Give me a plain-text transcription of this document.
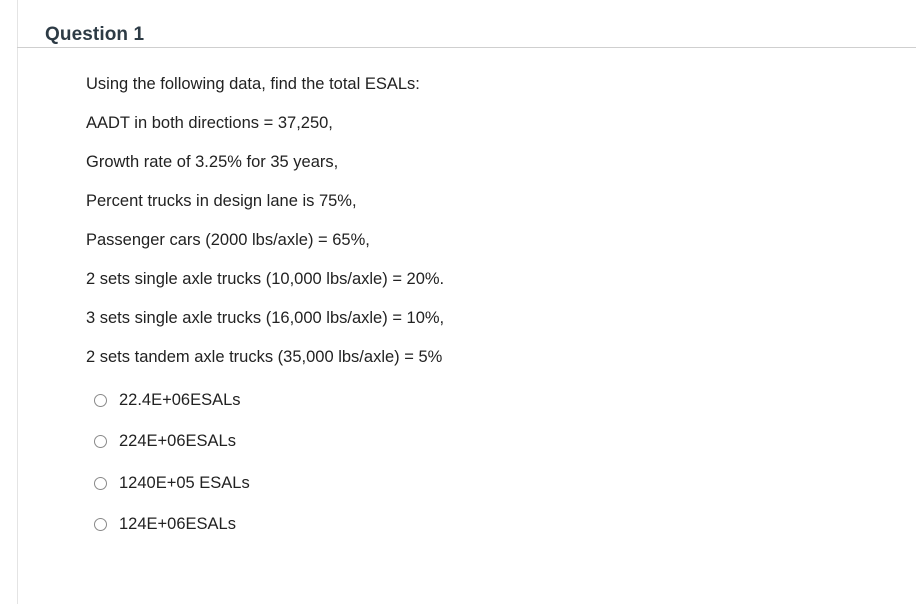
Question 1
Using the following data, find the total ESALs:
AADT in both directions = 37,250,
Growth rate of 3.25% for 35 years,
Percent trucks in design lane is 75%,
Passenger cars (2000 lbs/axle) = 65%,
2 sets single axle trucks (10,000 lbs/axle) = 20%.
3 sets single axle trucks (16,000 lbs/axle) = 10%,
2 sets tandem axle trucks (35,000 lbs/axle) = 5%
22.4E+06ESALs
224E+06ESALs
1240E+05 ESALs
124E+06ESALs
